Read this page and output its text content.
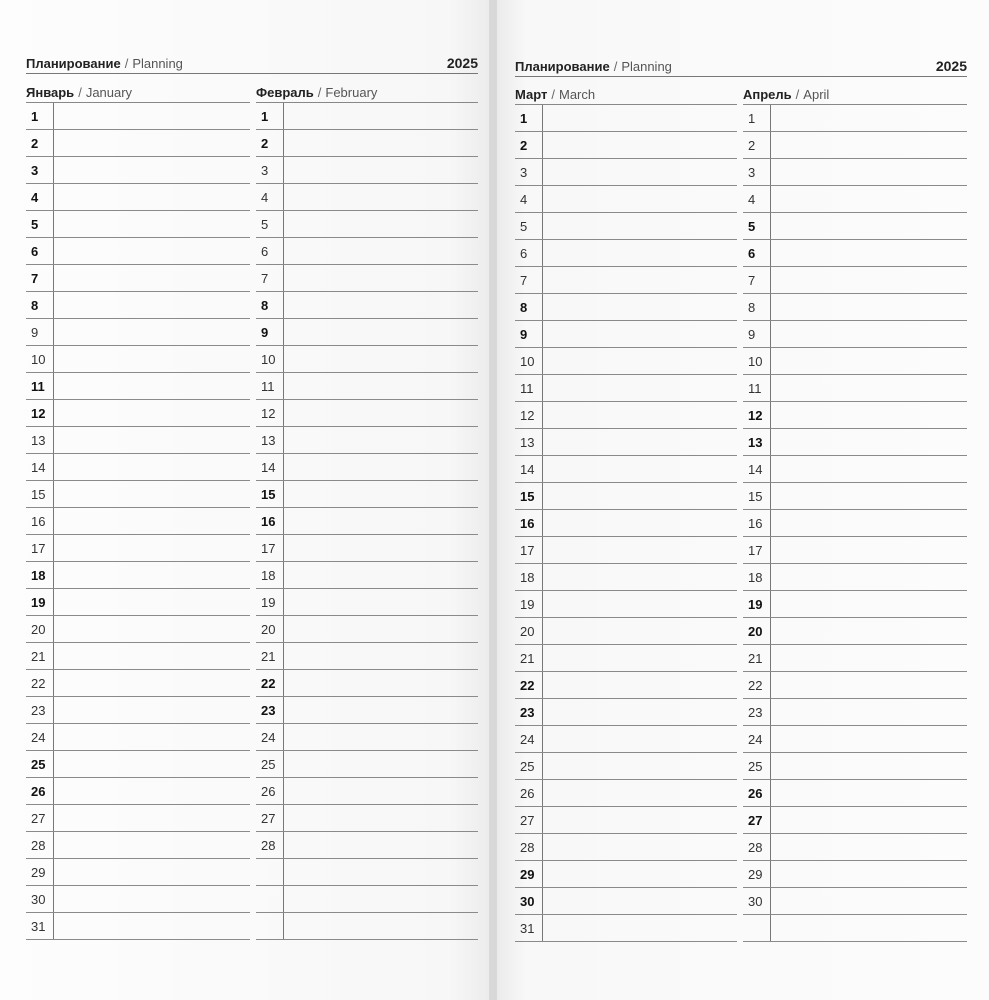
Планирование / Planning	2025
Январь / January
1
2
3
4
5
6
7
8
9
10
11
12
13
14
15
16
17
18
19
20
21
22
23
24
25
26
27
28
29
30
31
Февраль / February
1
2
3
4
5
6
7
8
9
10
11
12
13
14
15
16
17
18
19
20
21
22
23
24
25
26
27
28
Планирование / Planning	2025
Март / March
1
2
3
4
5
6
7
8
9
10
11
12
13
14
15
16
17
18
19
20
21
22
23
24
25
26
27
28
29
30
31
Апрель / April
1
2
3
4
5
6
7
8
9
10
11
12
13
14
15
16
17
18
19
20
21
22
23
24
25
26
27
28
29
30
